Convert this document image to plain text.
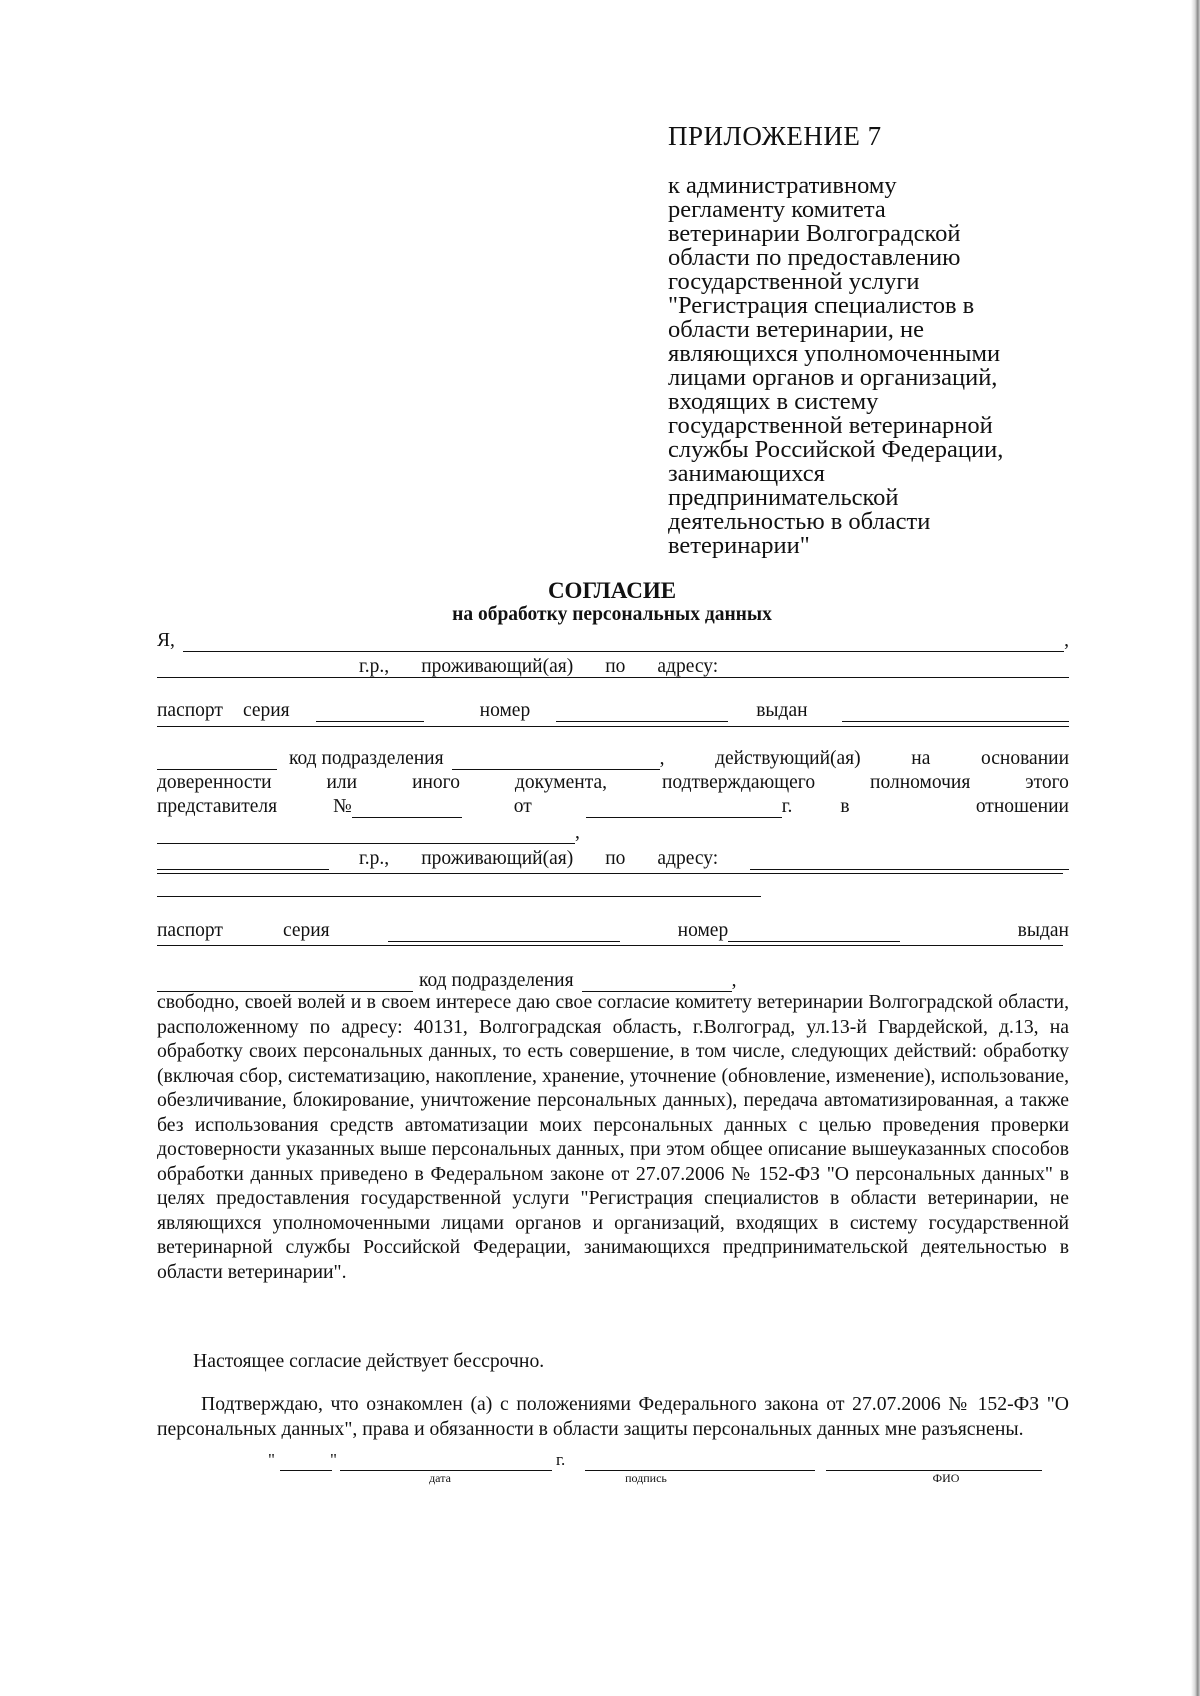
ПРИЛОЖЕНИЕ 7
к административному
регламенту комитета
ветеринарии Волгоградской
области по предоставлению
государственной услуги
"Регистрация специалистов в
области ветеринарии, не
являющихся уполномоченными
лицами органов и организаций,
входящих в систему
государственной ветеринарной
службы Российской Федерации,
занимающихся
предпринимательской
деятельностью в области
ветеринарии"
СОГЛАСИЕ
на обработку персональных данных
Я,	,
г.р., проживающий(ая) по адресу:
паспорт серия	номер	выдан
код подразделения	, действующий(ая) на основании
доверенности	или	иного	документа,	подтверждающего	полномочия	этого
представителя	№	от	г. в	отношении
,
г.р., проживающий(ая) по адресу:
паспорт	серия	номер	выдан
код подразделения	,
свободно, своей волей и в своем интересе даю свое согласие комитету ветеринарии Волгоградской области, расположенному по адресу: 40131, Волгоградская область, г.Волгоград, ул.13-й Гвардейской, д.13, на обработку своих персональных данных, то есть совершение, в том числе, следующих действий: обработку (включая сбор, систематизацию, накопление, хранение, уточнение (обновление, изменение), использование, обезличивание, блокирование, уничтожение персональных данных), передача автоматизированная, а также без использования средств автоматизации моих персональных данных с целью проведения проверки достоверности указанных выше персональных данных, при этом общее описание вышеуказанных способов обработки данных приведено в Федеральном законе от 27.07.2006 № 152-ФЗ "О персональных данных" в целях предоставления государственной услуги "Регистрация специалистов в области ветеринарии, не являющихся уполномоченными лицами органов и организаций, входящих в систему государственной ветеринарной службы Российской Федерации, занимающихся предпринимательской деятельностью в области ветеринарии".
Настоящее согласие действует бессрочно.
Подтверждаю, что ознакомлен (а) с положениями Федерального закона от 27.07.2006 № 152-ФЗ "О персональных данных", права и обязанности в области защиты персональных данных мне разъяснены.
"	"	г.
дата	подпись	ФИО
